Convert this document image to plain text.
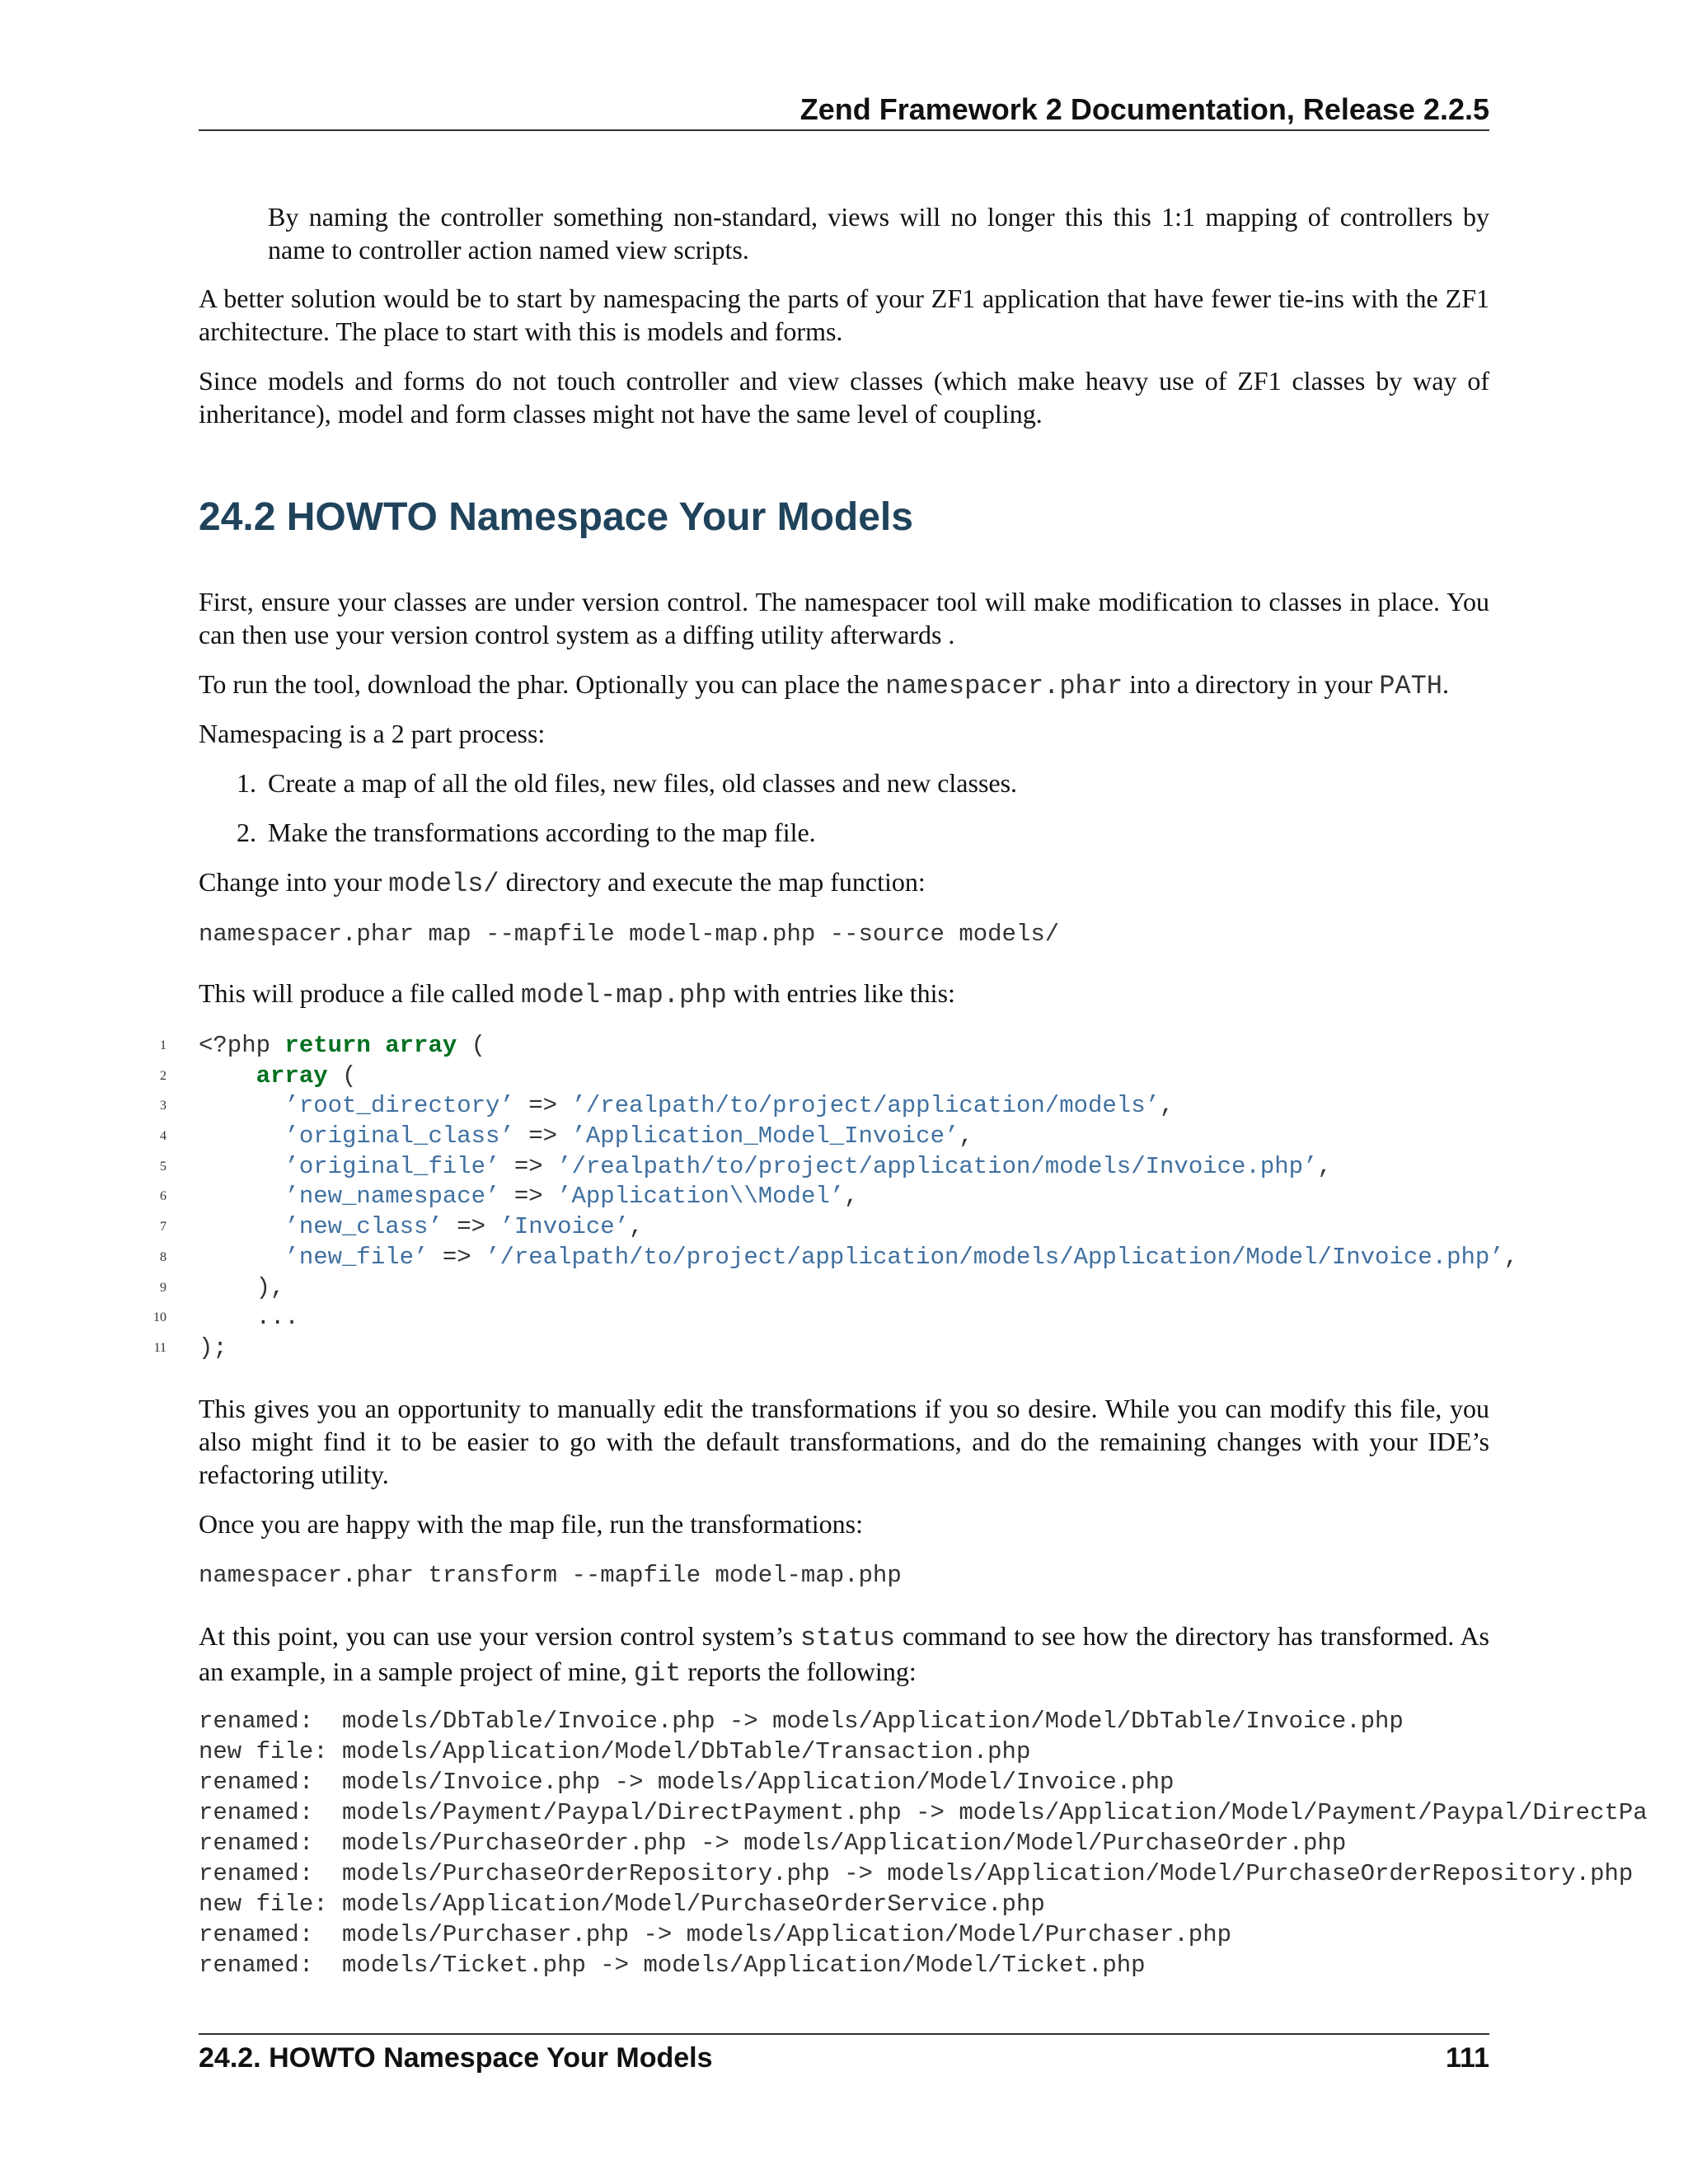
Zend Framework 2 Documentation, Release 2.2.5

By naming the controller something non-standard, views will no longer this this 1:1 mapping of controllers by name to controller action named view scripts.

A better solution would be to start by namespacing the parts of your ZF1 application that have fewer tie-ins with the ZF1 architecture. The place to start with this is models and forms.

Since models and forms do not touch controller and view classes (which make heavy use of ZF1 classes by way of inheritance), model and form classes might not have the same level of coupling.

24.2 HOWTO Namespace Your Models

First, ensure your classes are under version control. The namespacer tool will make modification to classes in place. You can then use your version control system as a diffing utility afterwards .

To run the tool, download the phar. Optionally you can place the namespacer.phar into a directory in your PATH.

Namespacing is a 2 part process:

1. Create a map of all the old files, new files, old classes and new classes.

2. Make the transformations according to the map file.

Change into your models/ directory and execute the map function:

namespacer.phar map --mapfile model-map.php --source models/

This will produce a file called model-map.php with entries like this:

1 <?php return array (
2	array (
3	’root_directory’ => ’/realpath/to/project/application/models’,
4	’original_class’ => ’Application_Model_Invoice’,
5	’original_file’ => ’/realpath/to/project/application/models/Invoice.php’,
6	’new_namespace’ => ’Application\\Model’,
7	’new_class’ => ’Invoice’,
8	’new_file’ => ’/realpath/to/project/application/models/Application/Model/Invoice.php’,
9 ),
10 ...
11 );

This gives you an opportunity to manually edit the transformations if you so desire. While you can modify this file, you also might find it to be easier to go with the default transformations, and do the remaining changes with your IDE’s refactoring utility.

Once you are happy with the map file, run the transformations:

namespacer.phar transform --mapfile model-map.php

At this point, you can use your version control system’s status command to see how the directory has transformed. As an example, in a sample project of mine, git reports the following:

renamed:  models/DbTable/Invoice.php -> models/Application/Model/DbTable/Invoice.php
new file: models/Application/Model/DbTable/Transaction.php
renamed:  models/Invoice.php -> models/Application/Model/Invoice.php
renamed:  models/Payment/Paypal/DirectPayment.php -> models/Application/Model/Payment/Paypal/DirectPa
renamed:  models/PurchaseOrder.php -> models/Application/Model/PurchaseOrder.php
renamed:  models/PurchaseOrderRepository.php -> models/Application/Model/PurchaseOrderRepository.php
new file: models/Application/Model/PurchaseOrderService.php
renamed:  models/Purchaser.php -> models/Application/Model/Purchaser.php
renamed:  models/Ticket.php -> models/Application/Model/Ticket.php

24.2. HOWTO Namespace Your Models	111
